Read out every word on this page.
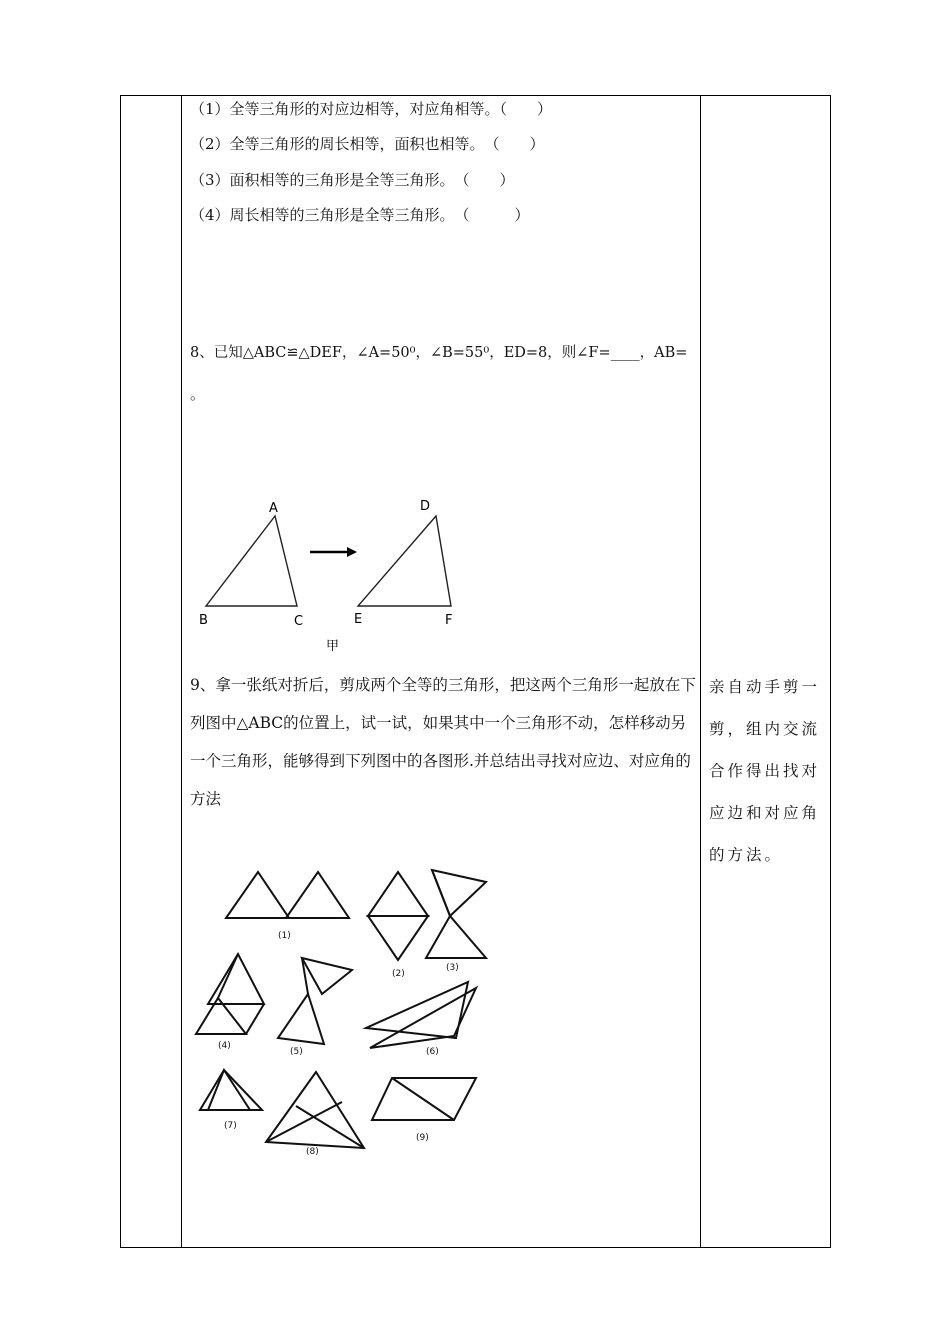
（1）全等三角形的对应边相等，对应角相等。（　　）
（2）全等三角形的周长相等，面积也相等。　（　　）
（3）面积相等的三角形是全等三角形。　（　　）
（4）周长相等的三角形是全等三角形。　（　　　）
8、已知△ABC≌△DEF，∠A=50⁰，∠B=55⁰，ED=8，则∠F=____，AB=
。
A
B	C
D
E	F
甲
9、拿一张纸对折后，剪成两个全等的三角形，把这两个三角形一起放在下列图中△ABC的位置上，试一试，如果其中一个三角形不动，怎样移动另一个三角形，能够得到下列图中的各图形.并总结出寻找对应边、对应角的方法
亲自动手剪一剪，组内交流合作得出找对应边和对应角的方法。
(1)
(2)
(3)
(4)
(5)	(6)
(7)
(8)
(9)
